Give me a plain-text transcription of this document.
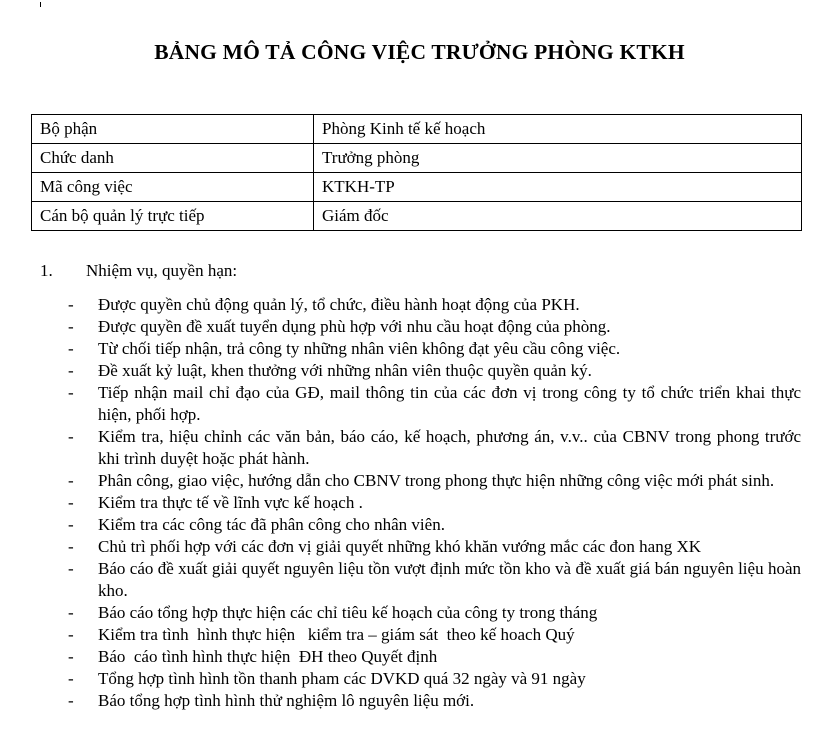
BẢNG MÔ TẢ CÔNG VIỆC TRƯỞNG PHÒNG KTKH
Bộ phận	Phòng Kinh tế kế hoạch
Chức danh	Trưởng phòng
Mã công việc	KTKH-TP
Cán bộ quản lý trực tiếp	Giám đốc
1. Nhiệm vụ, quyền hạn:
- Được quyền chủ động quản lý, tổ chức, điều hành hoạt động của PKH.
- Được quyền đề xuất tuyển dụng phù hợp với nhu cầu hoạt động của phòng.
- Từ chối tiếp nhận, trả công ty những nhân viên không đạt yêu cầu công việc.
- Đề xuất kỷ luật, khen thưởng với những nhân viên thuộc quyền quản ký.
- Tiếp nhận mail chỉ đạo của GĐ, mail thông tin của các đơn vị trong công ty tổ chức triển khai thực hiện, phối hợp.
- Kiểm tra, hiệu chỉnh các văn bản, báo cáo, kế hoạch, phương án, v.v.. của CBNV trong phong trước khi trình duyệt hoặc phát hành.
- Phân công, giao việc, hướng dẫn cho CBNV trong phong thực hiện những công việc mới phát sinh.
- Kiểm tra thực tế về lĩnh vực kế hoạch .
- Kiểm tra các công tác đã phân công cho nhân viên.
- Chủ trì phối hợp với các đơn vị giải quyết những khó khăn vướng mắc các đon hang XK
- Báo cáo đề xuất giải quyết nguyên liệu tồn vượt định mức tồn kho và đề xuất giá bán nguyên liệu hoàn kho.
- Báo cáo tổng hợp thực hiện các chỉ tiêu kế hoạch của công ty trong tháng
- Kiểm tra tình  hình thực hiện   kiểm tra – giám sát  theo kế hoach Quý
- Báo  cáo tình hình thực hiện  ĐH theo Quyết định
- Tổng hợp tình hình tồn thanh pham các DVKD quá 32 ngày và 91 ngày
- Báo tổng hợp tình hình thử nghiệm lô nguyên liệu mới.
